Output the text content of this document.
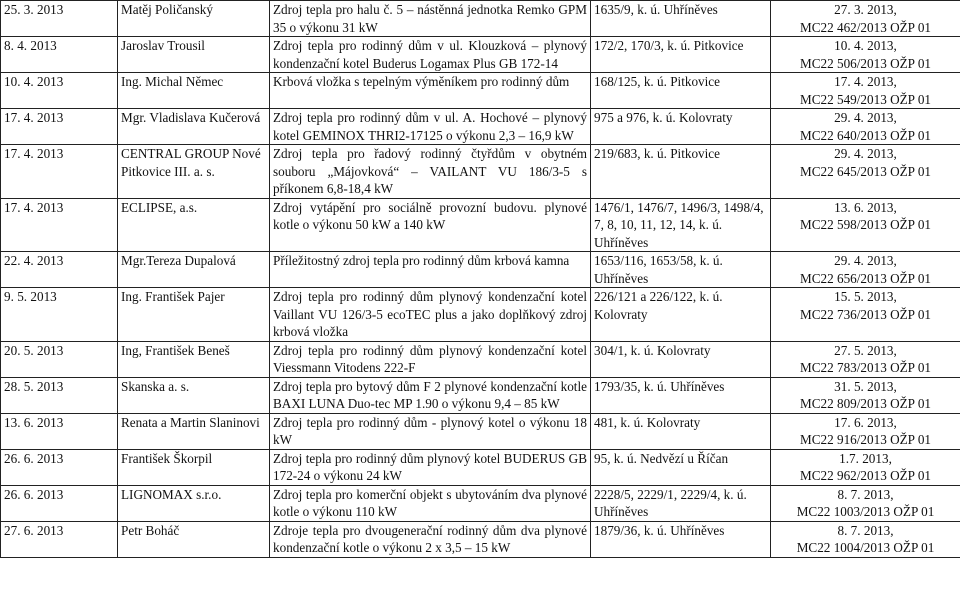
25. 3. 2013	Matěj Poličanský	Zdroj tepla pro halu č. 5 – nástěnná jednotka Remko GPM 35 o výkonu 31 kW	1635/9, k. ú. Uhříněves	27. 3. 2013,
MC22 462/2013 OŽP 01

8. 4. 2013	Jaroslav Trousil	Zdroj tepla pro rodinný dům v ul. Klouzková – plynový kondenzační kotel Buderus Logamax Plus GB 172-14	172/2, 170/3, k. ú. Pitkovice	10. 4. 2013,
MC22 506/2013 OŽP 01

10. 4. 2013	Ing. Michal Němec	Krbová vložka s tepelným výměníkem pro rodinný dům	168/125, k. ú. Pitkovice	17. 4. 2013,
MC22 549/2013 OŽP 01

17. 4. 2013	Mgr. Vladislava Kučerová	Zdroj tepla pro rodinný dům v ul. A. Hochové – plynový kotel GEMINOX THRI2-17125 o výkonu 2,3 – 16,9 kW	975 a 976, k. ú. Kolovraty	29. 4. 2013,
MC22 640/2013 OŽP 01

17. 4. 2013	CENTRAL GROUP Nové Pitkovice III. a. s.	Zdroj tepla pro řadový rodinný čtyřdům v obytném souboru „Májovková“ – VAILANT VU 186/3-5 s příkonem 6,8-18,4 kW	219/683, k. ú. Pitkovice	29. 4. 2013,
MC22 645/2013 OŽP 01

17. 4. 2013	ECLIPSE, a.s.	Zdroj vytápění pro sociálně provozní budovu. plynové kotle o výkonu 50 kW a 140 kW	1476/1, 1476/7, 1496/3, 1498/4, 7, 8, 10, 11, 12, 14, k. ú. Uhříněves	13. 6. 2013,
MC22 598/2013 OŽP 01

22. 4. 2013	Mgr.Tereza Dupalová	Příležitostný zdroj tepla pro rodinný dům krbová kamna	1653/116, 1653/58, k. ú. Uhříněves	29. 4. 2013,
MC22 656/2013 OŽP 01

9. 5. 2013	Ing. František Pajer	Zdroj tepla pro rodinný dům plynový kondenzační kotel Vaillant VU 126/3-5 ecoTEC plus a jako doplňkový zdroj krbová vložka	226/121 a 226/122, k. ú. Kolovraty	15. 5. 2013,
MC22 736/2013 OŽP 01

20. 5. 2013	Ing, František Beneš	Zdroj tepla pro rodinný dům plynový kondenzační kotel Viessmann Vitodens 222-F	304/1, k. ú. Kolovraty	27. 5. 2013,
MC22 783/2013 OŽP 01

28. 5. 2013	Skanska a. s.	Zdroj tepla pro bytový dům F 2 plynové kondenzační kotle BAXI LUNA Duo-tec MP 1.90 o výkonu 9,4 – 85 kW	1793/35, k. ú. Uhříněves	31. 5. 2013,
MC22 809/2013 OŽP 01

13. 6. 2013	Renata a Martin Slaninovi	Zdroj tepla pro rodinný dům - plynový kotel o výkonu 18 kW	481, k. ú. Kolovraty	17. 6. 2013,
MC22 916/2013 OŽP 01

26. 6. 2013	František Škorpil	Zdroj tepla pro rodinný dům plynový kotel BUDERUS GB 172-24 o výkonu 24 kW	95, k. ú. Nedvězí u Říčan	1.7. 2013,
MC22 962/2013 OŽP 01

26. 6. 2013	LIGNOMAX s.r.o.	Zdroj tepla pro komerční objekt s ubytováním dva plynové kotle o výkonu 110 kW	2228/5, 2229/1, 2229/4, k. ú. Uhříněves	8. 7. 2013,
MC22 1003/2013 OŽP 01

27. 6. 2013	Petr Boháč	Zdroje tepla pro dvougenerační rodinný dům dva plynové kondenzační kotle o výkonu 2 x 3,5 – 15 kW	1879/36, k. ú. Uhříněves	8. 7. 2013,
MC22 1004/2013 OŽP 01
